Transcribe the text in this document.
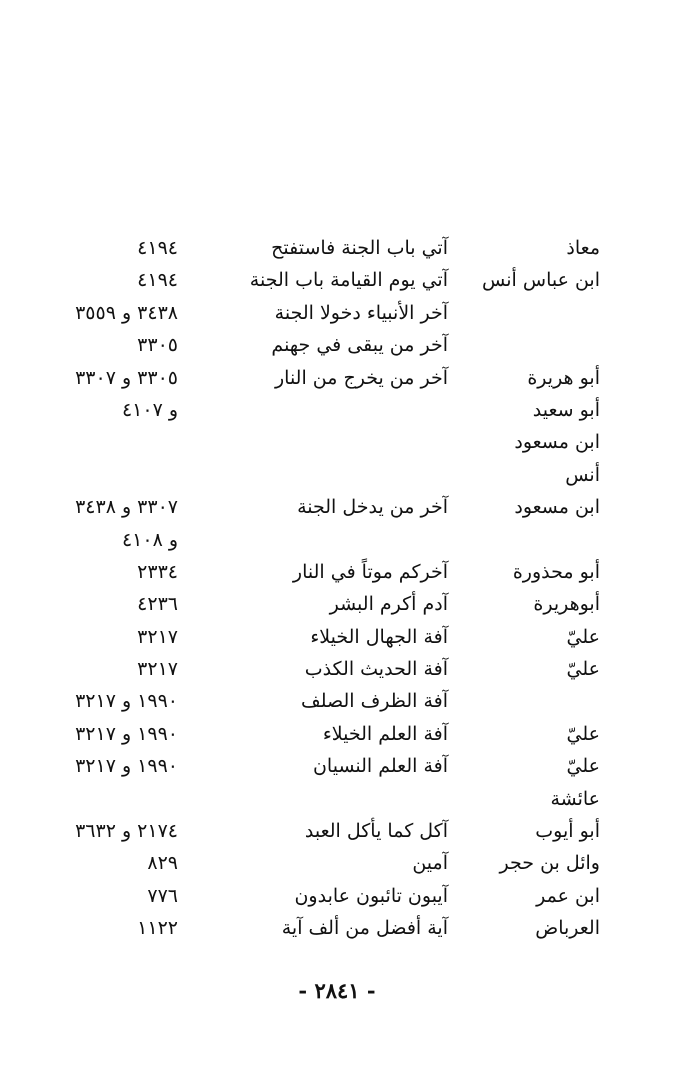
معاذ
آتي باب الجنة فاستفتح
٤١٩٤
ابن عباس أنس
آتي يوم القيامة باب الجنة
٤١٩٤
آخر الأنبياء دخولا الجنة
٣٤٣٨ و ٣٥٥٩
آخر من يبقى في جهنم
٣٣٠٥
أبو هريرة
آخر من يخرج من النار
٣٣٠٥ و ٣٣٠٧
أبو سعيد
و ٤١٠٧
ابن مسعود
أنس
ابن مسعود
آخر من يدخل الجنة
٣٣٠٧ و ٣٤٣٨
و ٤١٠٨
أبو محذورة
آخركم موتاً في النار
٢٣٣٤
أبوهريرة
آدم أكرم البشر
٤٢٣٦
عليّ
آفة الجهال الخيلاء
٣٢١٧
عليّ
آفة الحديث الكذب
٣٢١٧
آفة الظرف الصلف
١٩٩٠ و ٣٢١٧
عليّ
آفة العلم الخيلاء
١٩٩٠ و ٣٢١٧
عليّ
آفة العلم النسيان
١٩٩٠ و ٣٢١٧
عائشة
أبو أيوب
آكل كما يأكل العبد
٢١٧٤ و ٣٦٣٢
وائل بن حجر
آمين
٨٢٩
ابن عمر
آيبون تائبون عابدون
٧٧٦
العرباض
آية أفضل من ألف آية
١١٢٢
- ٢٨٤١ -
